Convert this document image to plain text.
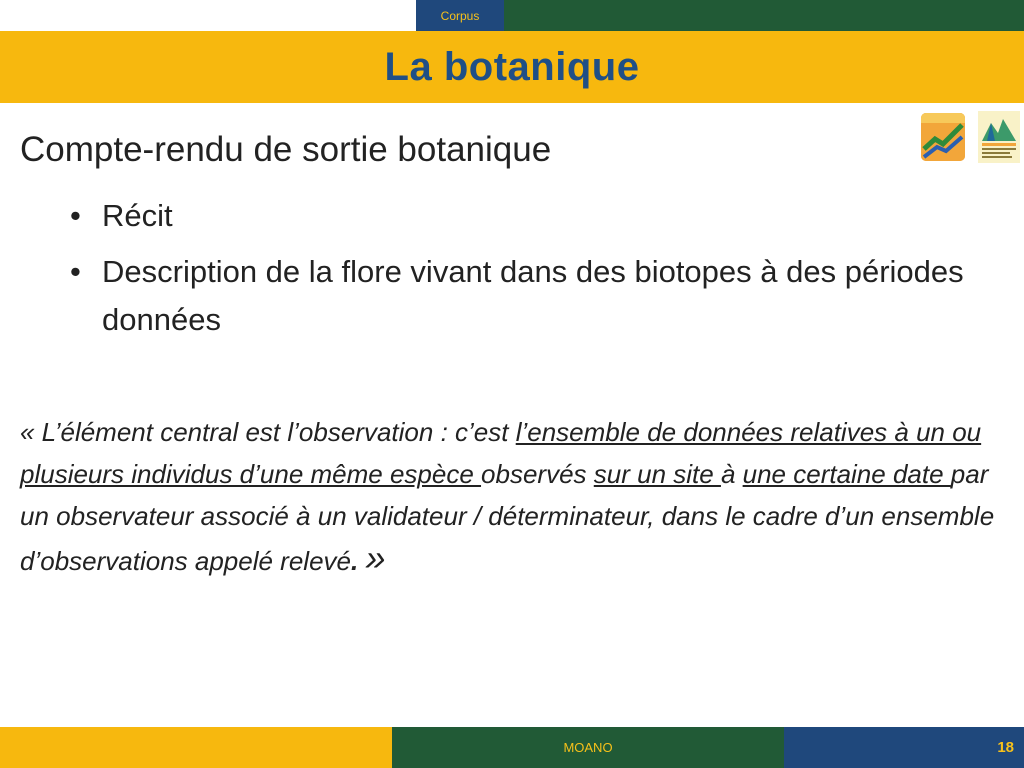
Corpus
La botanique
Compte-rendu de sortie botanique
• Récit
• Description de la flore vivant dans des biotopes à des périodes données
« L’élément central est l’observation : c’est l’ensemble de données relatives à un ou plusieurs individus d’une même espèce observés sur un site à une certaine date par un observateur associé à un validateur / déterminateur, dans le cadre d’un ensemble d’observations appelé relevé. »
MOANO	18
